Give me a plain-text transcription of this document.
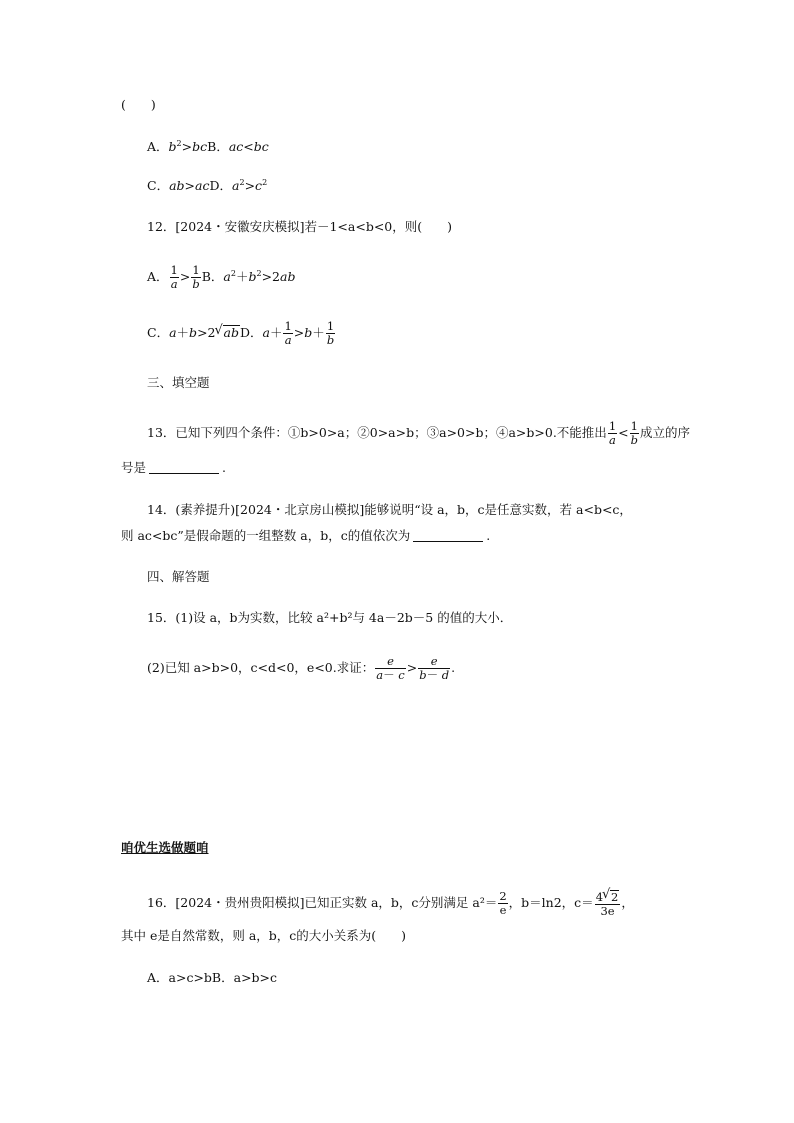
(　　)
A．$b^2>bcB$．ac<bc
C．ab>acD．$a^2>c^2$
12．[2024・安徽安庆模拟]若－1<a<b<0，则(　　)
A． $\frac{1}{a} > \frac{1}{b}$ B．$a^2+b^2>2ab$
C．a＋b>2 √ abD．$a+ \frac{1}{a} >b+ \frac{1}{b}$
三、填空题
13．已知下列四个条件：①b>0>a；②0>a>b；③a>0>b；④a>b>0.不能推出 $\frac{1}{a} < \frac{1}{b}$ 成立的序
号是	.
14．(素养提升)[2024・北京房山模拟]能够说明“设 a，b，c是任意实数，若 a<b<c，
则 ac<bc”是假命题的一组整数 a，b，c的值依次为	.
四、解答题
15．(1)设 a，b为实数，比较 a²+b²与 4a－2b－5 的值的大小．
(2)已知 a>b>0，c<d<0，e<0.求证： $\frac{e}{a- c} > \frac{e}{b- d}$ .
咱优生选做题咱
16．[2024・贵州贵阳模拟]已知正实数 a，b，c分别满足 $a^2= \frac{2}{e}$ ，b＝ln2，$c= \frac{4 √ 2}{3e}$ ，
其中 e是自然常数，则 a，b，c的大小关系为(　　)
A．a>c>bB．a>b>c
